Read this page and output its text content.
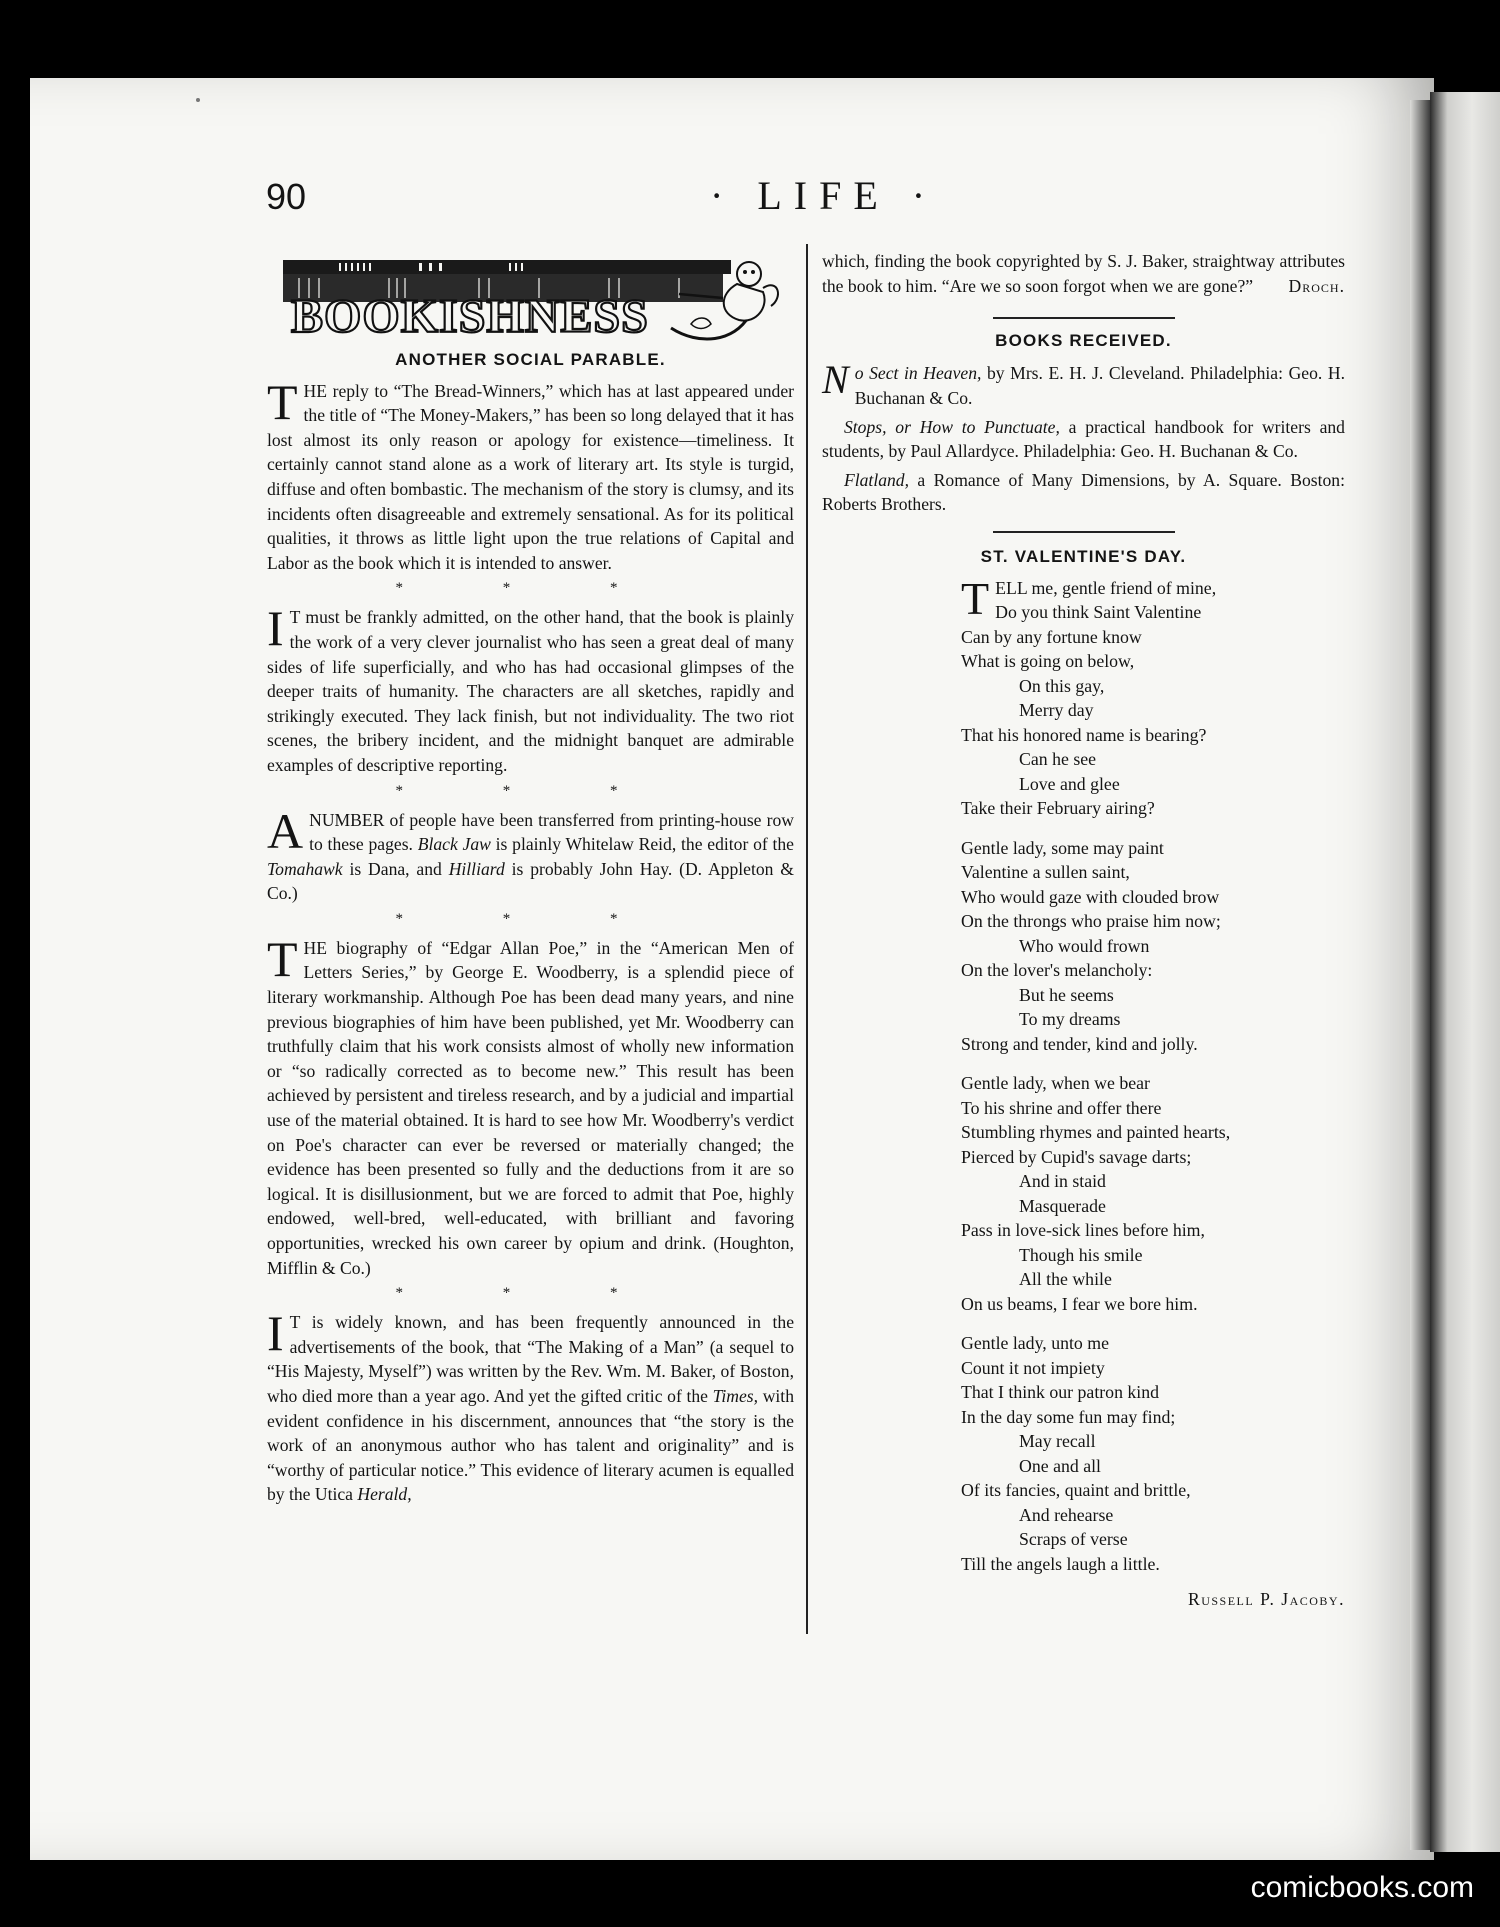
90	· LIFE ·
BOOKISHNESS
ANOTHER SOCIAL PARABLE.

THE reply to “The Bread-Winners,” which has at last appeared under the title of “The Money-Makers,” has been so long delayed that it has lost almost its only reason or apology for existence—timeliness. It certainly cannot stand alone as a work of literary art. Its style is turgid, diffuse and often bombastic. The mechanism of the story is clumsy, and its incidents often disagreeable and extremely sensational. As for its political qualities, it throws as little light upon the true relations of Capital and Labor as the book which it is intended to answer.

* * *

I T must be frankly admitted, on the other hand, that the book is plainly the work of a very clever journalist who has seen a great deal of many sides of life superficially, and who has had occasional glimpses of the deeper traits of humanity. The characters are all sketches, rapidly and strikingly executed. They lack finish, but not individuality. The two riot scenes, the bribery incident, and the midnight banquet are admirable examples of descriptive reporting.

* * *

A NUMBER of people have been transferred from printing-house row to these pages. Black Jaw is plainly Whitelaw Reid, the editor of the Tomahawk is Dana, and Hilliard is probably John Hay. (D. Appleton & Co.)

* * *

THE biography of “Edgar Allan Poe,” in the “American Men of Letters Series,” by George E. Woodberry, is a splendid piece of literary workmanship. Although Poe has been dead many years, and nine previous biographies of him have been published, yet Mr. Woodberry can truthfully claim that his work consists almost of wholly new information or “so radically corrected as to become new.” This result has been achieved by persistent and tireless research, and by a judicial and impartial use of the material obtained. It is hard to see how Mr. Woodberry's verdict on Poe's character can ever be reversed or materially changed; the evidence has been presented so fully and the deductions from it are so logical. It is disillusionment, but we are forced to admit that Poe, highly endowed, well-bred, well-educated, with brilliant and favoring opportunities, wrecked his own career by opium and drink. (Houghton, Mifflin & Co.)

* * *

I T is widely known, and has been frequently announced in the advertisements of the book, that “The Making of a Man” (a sequel to “His Majesty, Myself”) was written by the Rev. Wm. M. Baker, of Boston, who died more than a year ago. And yet the gifted critic of the Times, with evident confidence in his discernment, announces that “the story is the work of an anonymous author who has talent and originality” and is “worthy of particular notice.” This evidence of literary acumen is equalled by the Utica Herald,

which, finding the book copyrighted by S. J. Baker, straightway attributes the book to him. “Are we so soon forgot when we are gone?”	Droch.
BOOKS RECEIVED.

No Sect in Heaven, by Mrs. E. H. J. Cleveland. Philadelphia: Geo. H. Buchanan & Co.

Stops, or How to Punctuate, a practical handbook for writers and students, by Paul Allardyce. Philadelphia: Geo. H. Buchanan & Co.

Flatland, a Romance of Many Dimensions, by A. Square. Boston: Roberts Brothers.

ST. VALENTINE'S DAY.
TELL me, gentle friend of mine,
Do you think Saint Valentine
Can by any fortune know
What is going on below,
On this gay,
Merry day
That his honored name is bearing?
Can he see
Love and glee
Take their February airing?
Gentle lady, some may paint
Valentine a sullen saint,
Who would gaze with clouded brow
On the throngs who praise him now;
Who would frown
On the lover's melancholy:
But he seems
To my dreams
Strong and tender, kind and jolly.
Gentle lady, when we bear
To his shrine and offer there
Stumbling rhymes and painted hearts,
Pierced by Cupid's savage darts;
And in staid
Masquerade
Pass in love-sick lines before him,
Though his smile
All the while
On us beams, I fear we bore him.
Gentle lady, unto me
Count it not impiety
That I think our patron kind
In the day some fun may find;
May recall
One and all
Of its fancies, quaint and brittle,
And rehearse
Scraps of verse
Till the angels laugh a little.
Russell P. Jacoby.
comicbooks.com
